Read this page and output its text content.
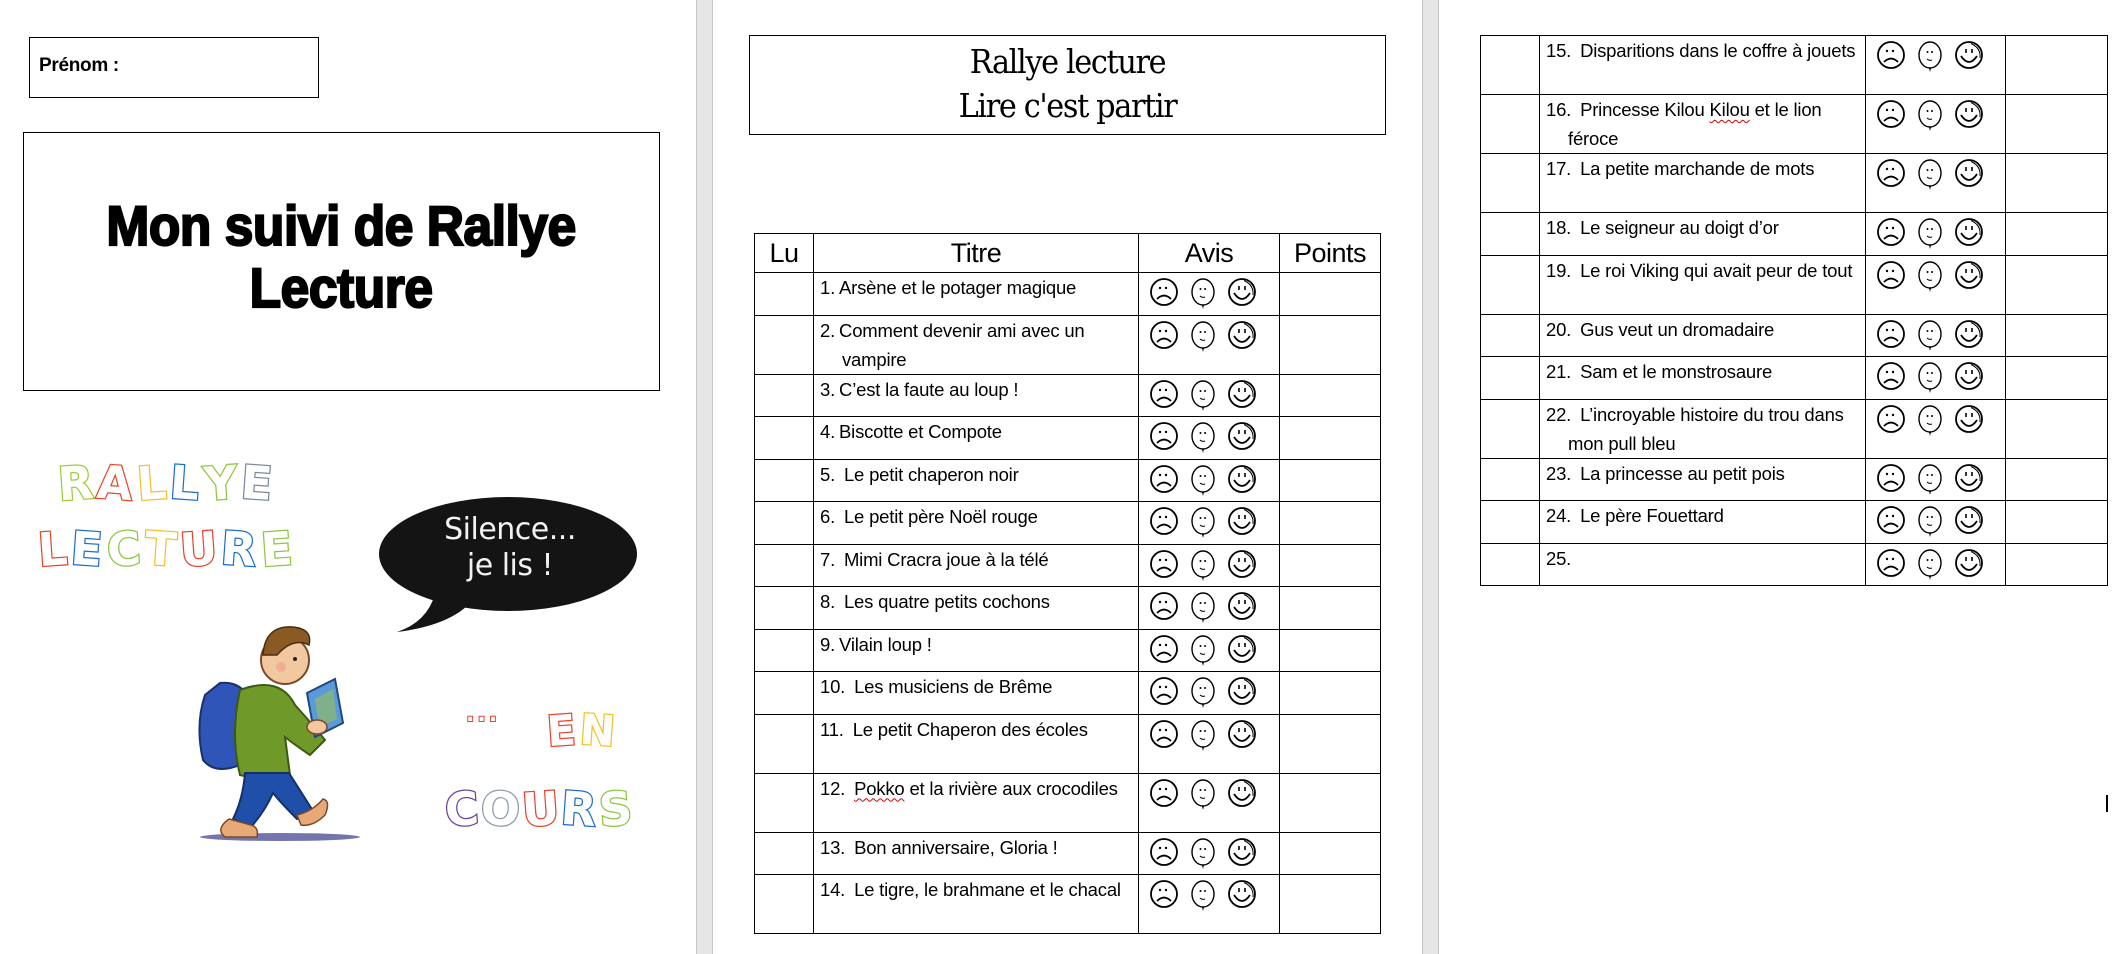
Prénom :
Mon suivi de Rallye
Lecture
RALLYE
LECTURE	Silence...
je lis !
... EN
COURS
Rallye lecture
Lire c'est partir
Lu	Titre	Avis	Points

	1. Arsène et le potager magique

	2. Comment devenir ami avec un vampire

	3. C’est la faute au loup !

	4. Biscotte et Compote

	5. Le petit chaperon noir

	6. Le petit père Noël rouge

	7. Mimi Cracra joue à la télé

	8. Les quatre petits cochons

	9. Vilain loup !

	10. Les musiciens de Brême

	11. Le petit Chaperon des écoles

	12. Pokko et la rivière aux crocodiles

	13. Bon anniversaire, Gloria !

	14. Le tigre, le brahmane et le chacal

	15. Disparitions dans le coffre à jouets

	16. Princesse Kilou Kilou et le lion féroce

	17. La petite marchande de mots

	18. Le seigneur au doigt d’or

	19. Le roi Viking qui avait peur de tout

	20. Gus veut un dromadaire

	21. Sam et le monstrosaure

	22. L’incroyable histoire du trou dans mon pull bleu

	23. La princesse au petit pois

	24. Le père Fouettard

	25.
